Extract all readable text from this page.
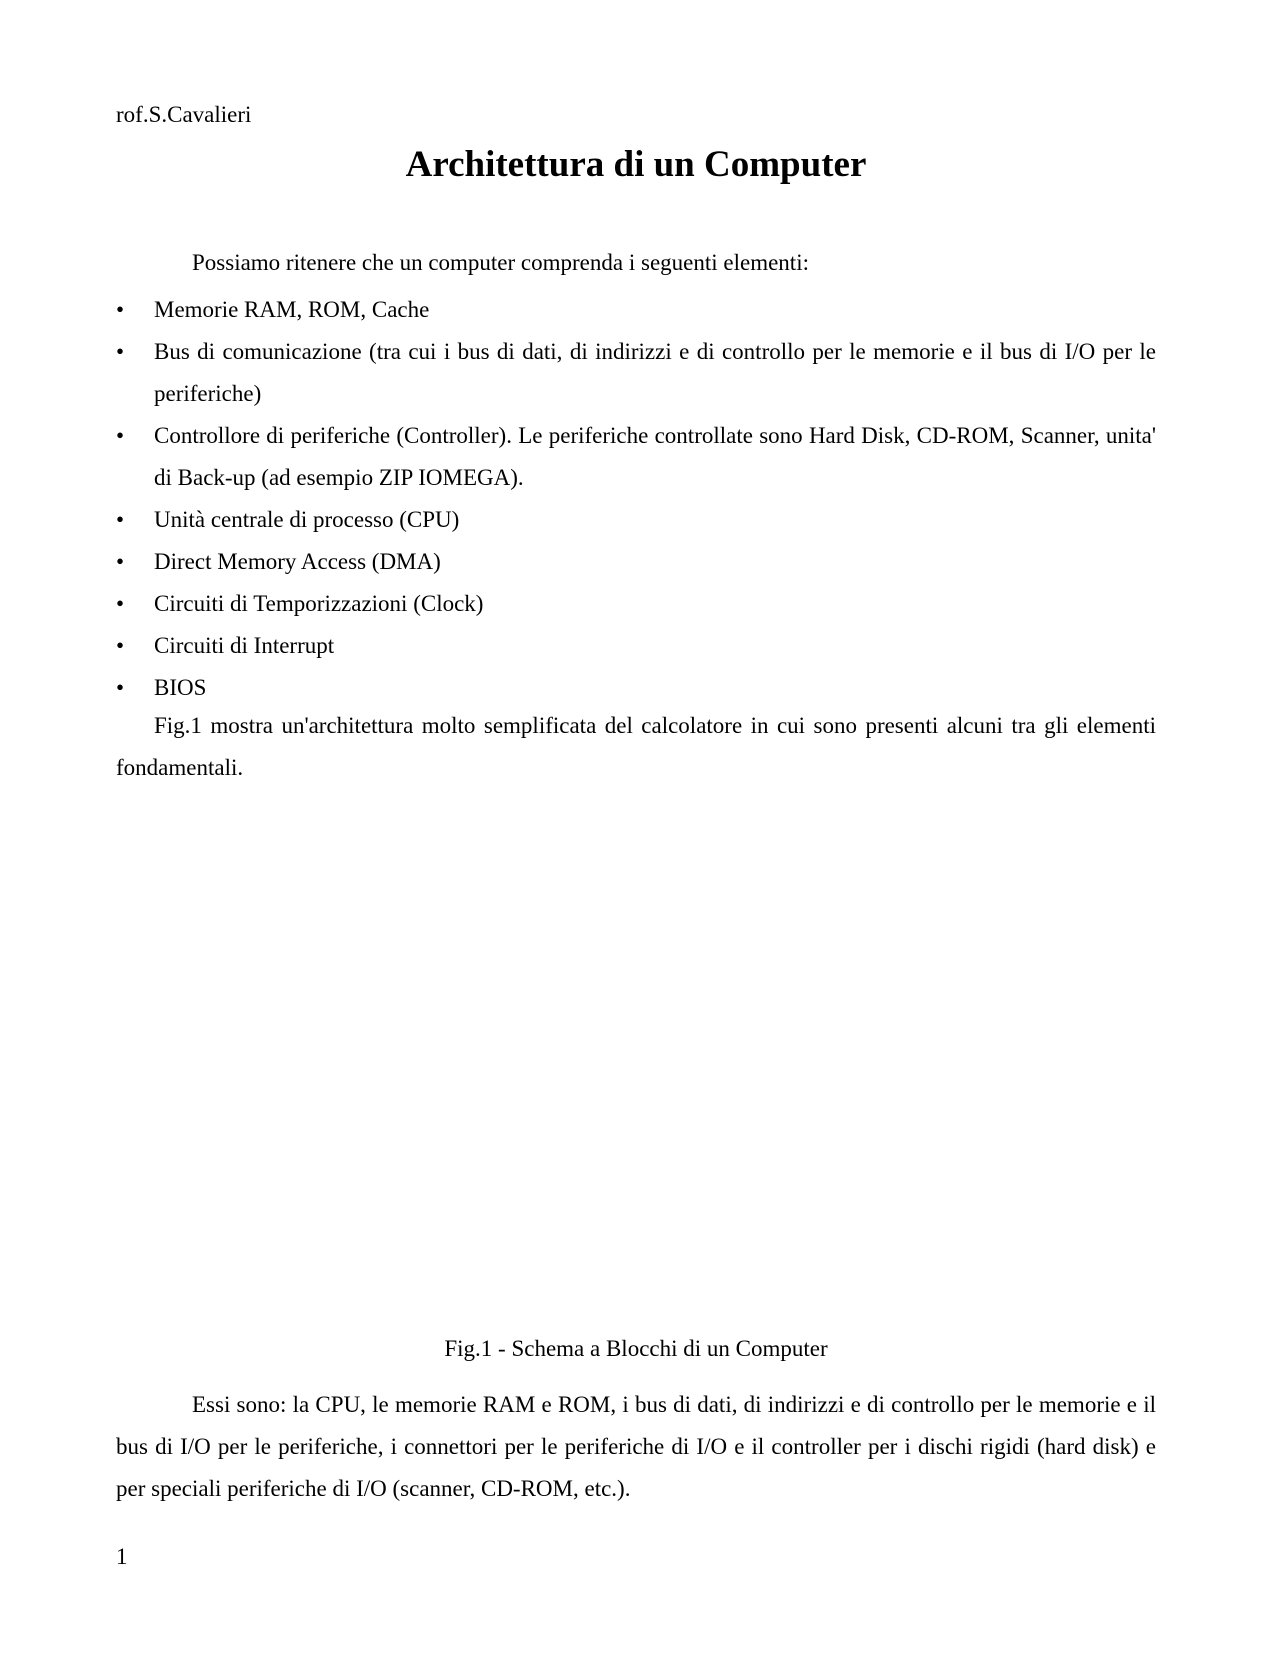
rof.S.Cavalieri

Architettura di un Computer

Possiamo ritenere che un computer comprenda i seguenti elementi:

•	Memorie RAM, ROM, Cache
•	Bus di comunicazione (tra cui i bus di dati, di indirizzi e di controllo per le memorie e il bus di I/O per le periferiche)
•	Controllore di periferiche (Controller). Le periferiche controllate sono Hard Disk, CD-ROM, Scanner, unita' di Back-up (ad esempio ZIP IOMEGA).
•	Unità centrale di processo (CPU)
•	Direct Memory Access (DMA)
•	Circuiti di Temporizzazioni (Clock)
•	Circuiti di Interrupt
•	BIOS

Fig.1 mostra un'architettura molto semplificata del calcolatore in cui sono presenti alcuni tra gli elementi fondamentali.

Fig.1 - Schema a Blocchi di un Computer

Essi sono: la CPU, le memorie RAM e ROM, i bus di dati, di indirizzi e di controllo per le memorie e il bus di I/O per le periferiche, i connettori per le periferiche di I/O e il controller per i dischi rigidi (hard disk) e per speciali periferiche di I/O (scanner, CD-ROM, etc.).

1
